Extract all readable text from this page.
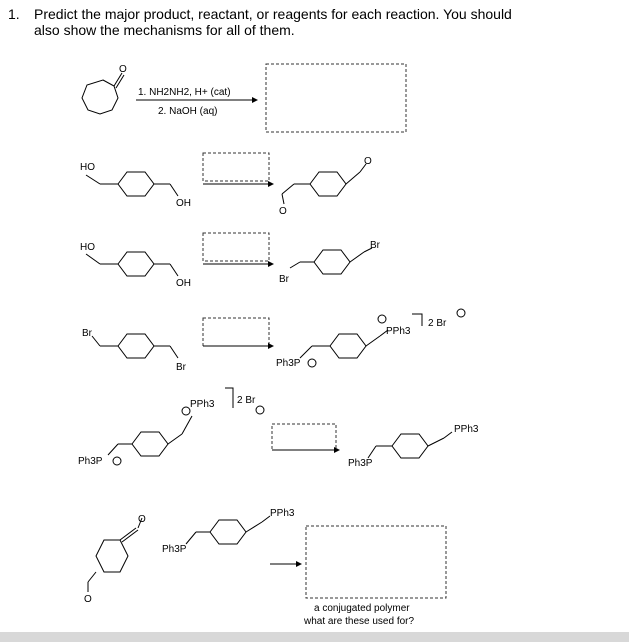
1. Predict the major product, reactant, or reagents for each reaction. You should
also show the mechanisms for all of them.
O
1. NH2NH2, H+ (cat)
2. NaOH (aq)
HO
OH
O
O
HO
OH	Br
Br
Br
Br	Ph3P
PPh3
2 Br
Ph3P
PPh3 2 Br
Ph3P
PPh3
O
O
Ph3P
PPh3
a conjugated polymer
what are these used for?
